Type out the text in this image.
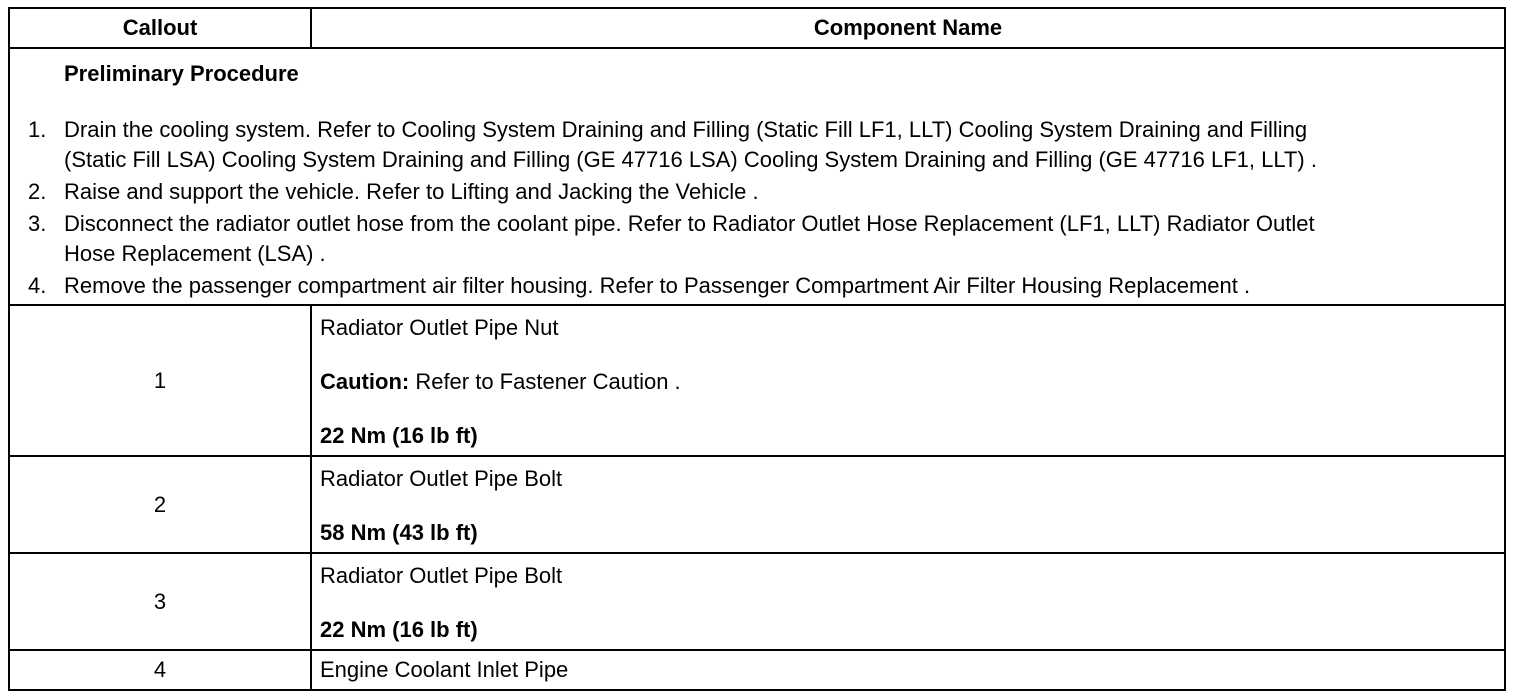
Callout	Component Name
Preliminary Procedure
1. Drain the cooling system. Refer to Cooling System Draining and Filling (Static Fill LF1, LLT) Cooling System Draining and Filling
(Static Fill LSA) Cooling System Draining and Filling (GE 47716 LSA) Cooling System Draining and Filling (GE 47716 LF1, LLT) .
2. Raise and support the vehicle. Refer to Lifting and Jacking the Vehicle .
3. Disconnect the radiator outlet hose from the coolant pipe. Refer to Radiator Outlet Hose Replacement (LF1, LLT) Radiator Outlet
Hose Replacement (LSA) .
4. Remove the passenger compartment air filter housing. Refer to Passenger Compartment Air Filter Housing Replacement .
1
Radiator Outlet Pipe Nut
Caution: Refer to Fastener Caution .
22 Nm (16 lb ft)
2
Radiator Outlet Pipe Bolt
58 Nm (43 lb ft)
3
Radiator Outlet Pipe Bolt
22 Nm (16 lb ft)
4	Engine Coolant Inlet Pipe
